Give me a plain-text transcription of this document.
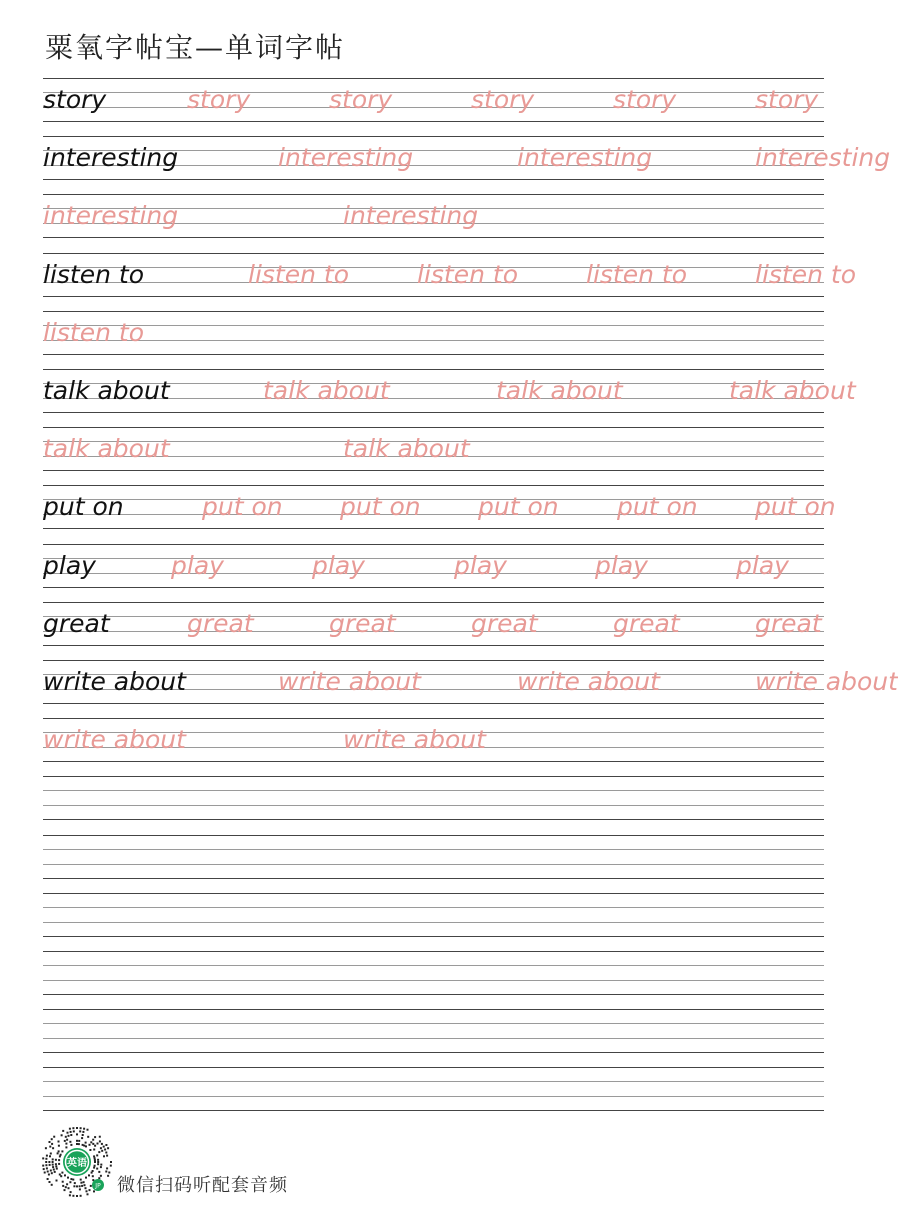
粟氧字帖宝—单词字帖
story	story	story	story	story	story
interesting	interesting	interesting	interesting
interesting	interesting
listen to	listen to	listen to	listen to	listen to
listen to
talk about	talk about	talk about	talk about
talk about	talk about
put on	put on put on put on put on put on
play	play	play	play	play	play
great	great	great	great	great	great
write about	write about	write about	write about
write about	write about
英语
JP 微信扫码听配套音频
